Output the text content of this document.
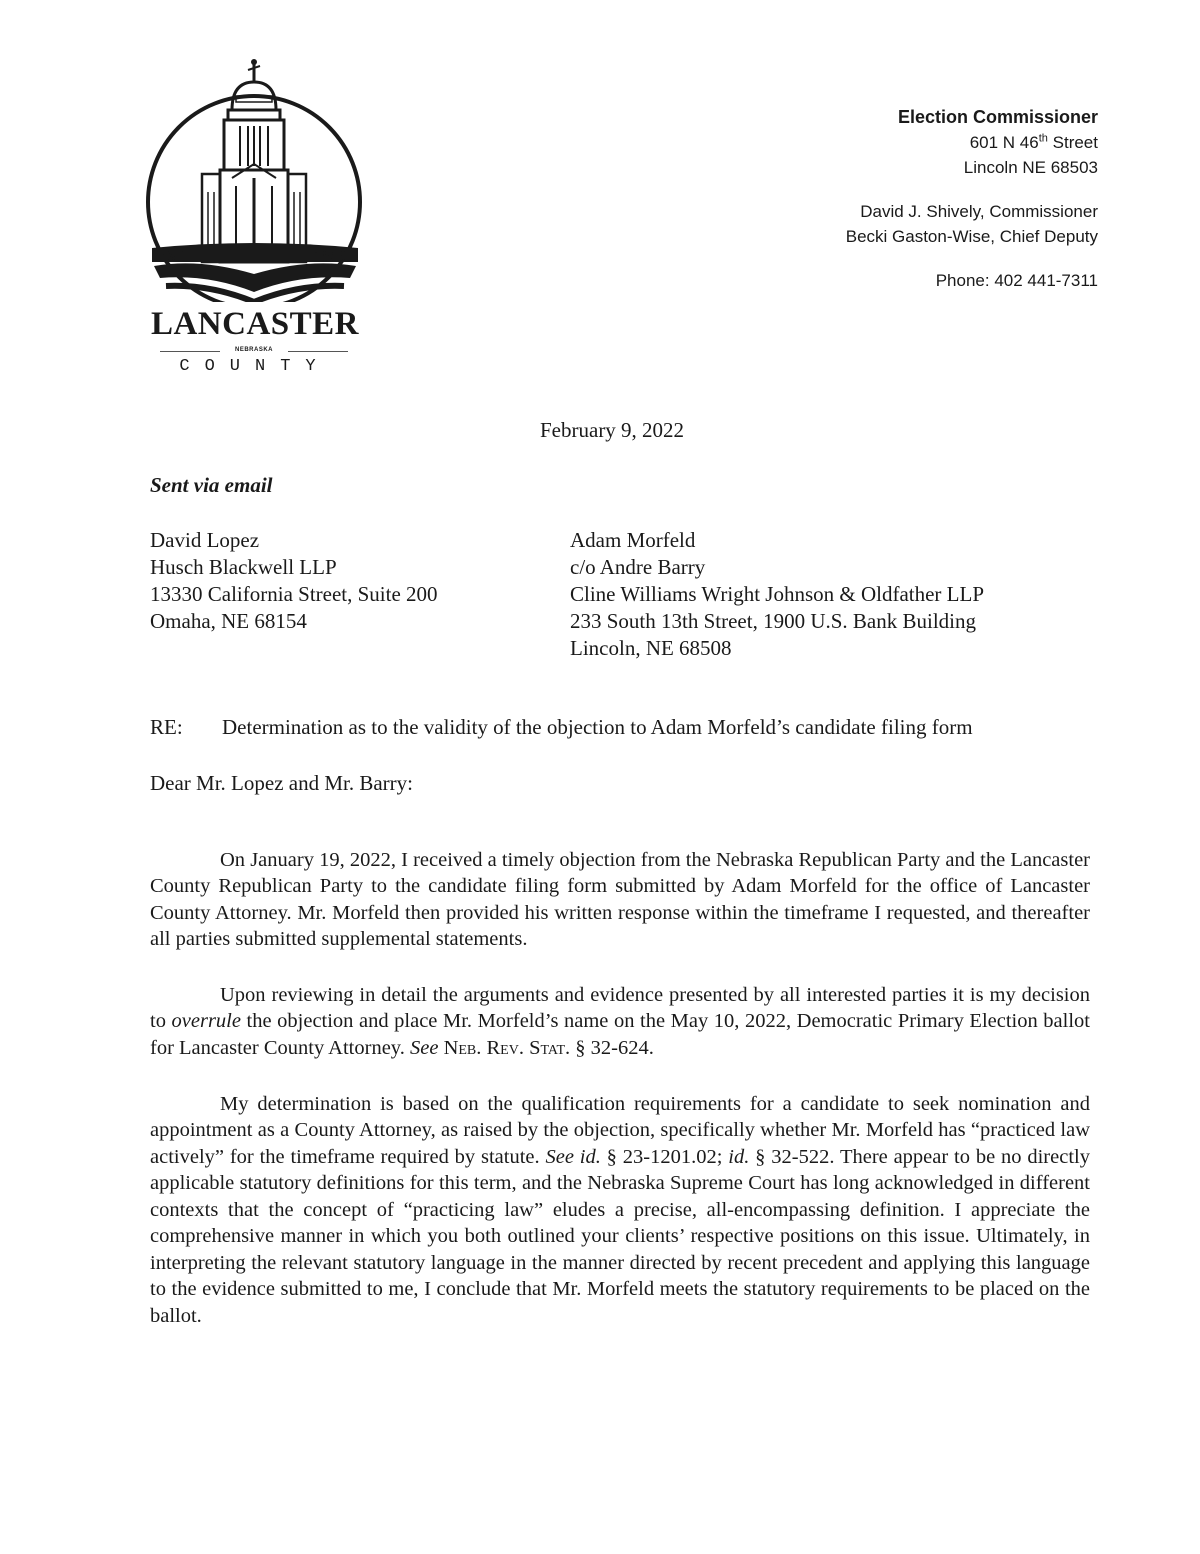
EST.	1859
LANCASTER
NEBRASKA
COUNTY
Election Commissioner
601 N 46th Street
Lincoln NE 68503
David J. Shively, Commissioner
Becki Gaston-Wise, Chief Deputy
Phone: 402 441-7311
February 9, 2022
Sent via email
David Lopez
Husch Blackwell LLP
13330 California Street, Suite 200
Omaha, NE 68154
Adam Morfeld
c/o Andre Barry
Cline Williams Wright Johnson & Oldfather LLP
233 South 13th Street, 1900 U.S. Bank Building
Lincoln, NE 68508
RE: Determination as to the validity of the objection to Adam Morfeld’s candidate filing form
Dear Mr. Lopez and Mr. Barry:

On January 19, 2022, I received a timely objection from the Nebraska Republican Party and the Lancaster County Republican Party to the candidate filing form submitted by Adam Morfeld for the office of Lancaster County Attorney. Mr. Morfeld then provided his written response within the timeframe I requested, and thereafter all parties submitted supplemental statements.

Upon reviewing in detail the arguments and evidence presented by all interested parties it is my decision to overrule the objection and place Mr. Morfeld’s name on the May 10, 2022, Democratic Primary Election ballot for Lancaster County Attorney. See Neb. Rev. Stat. § 32-624.

My determination is based on the qualification requirements for a candidate to seek nomination and appointment as a County Attorney, as raised by the objection, specifically whether Mr. Morfeld has “practiced law actively” for the timeframe required by statute. See id. § 23-1201.02; id. § 32-522. There appear to be no directly applicable statutory definitions for this term, and the Nebraska Supreme Court has long acknowledged in different contexts that the concept of “practicing law” eludes a precise, all-encompassing definition. I appreciate the comprehensive manner in which you both outlined your clients’ respective positions on this issue. Ultimately, in interpreting the relevant statutory language in the manner directed by recent precedent and applying this language to the evidence submitted to me, I conclude that Mr. Morfeld meets the statutory requirements to be placed on the ballot.
